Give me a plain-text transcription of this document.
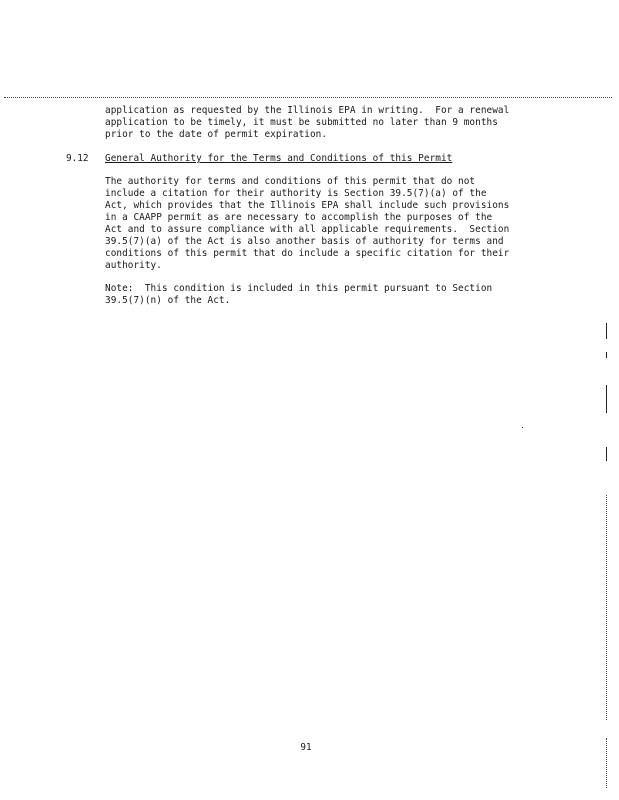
application as requested by the Illinois EPA in writing.  For a renewal
application to be timely, it must be submitted no later than 9 months
prior to the date of permit expiration.
9.12 General Authority for the Terms and Conditions of this Permit
The authority for terms and conditions of this permit that do not
include a citation for their authority is Section 39.5(7)(a) of the
Act, which provides that the Illinois EPA shall include such provisions
in a CAAPP permit as are necessary to accomplish the purposes of the
Act and to assure compliance with all applicable requirements.  Section
39.5(7)(a) of the Act is also another basis of authority for terms and
conditions of this permit that do include a specific citation for their
authority.
Note:  This condition is included in this permit pursuant to Section
39.5(7)(n) of the Act.
91
